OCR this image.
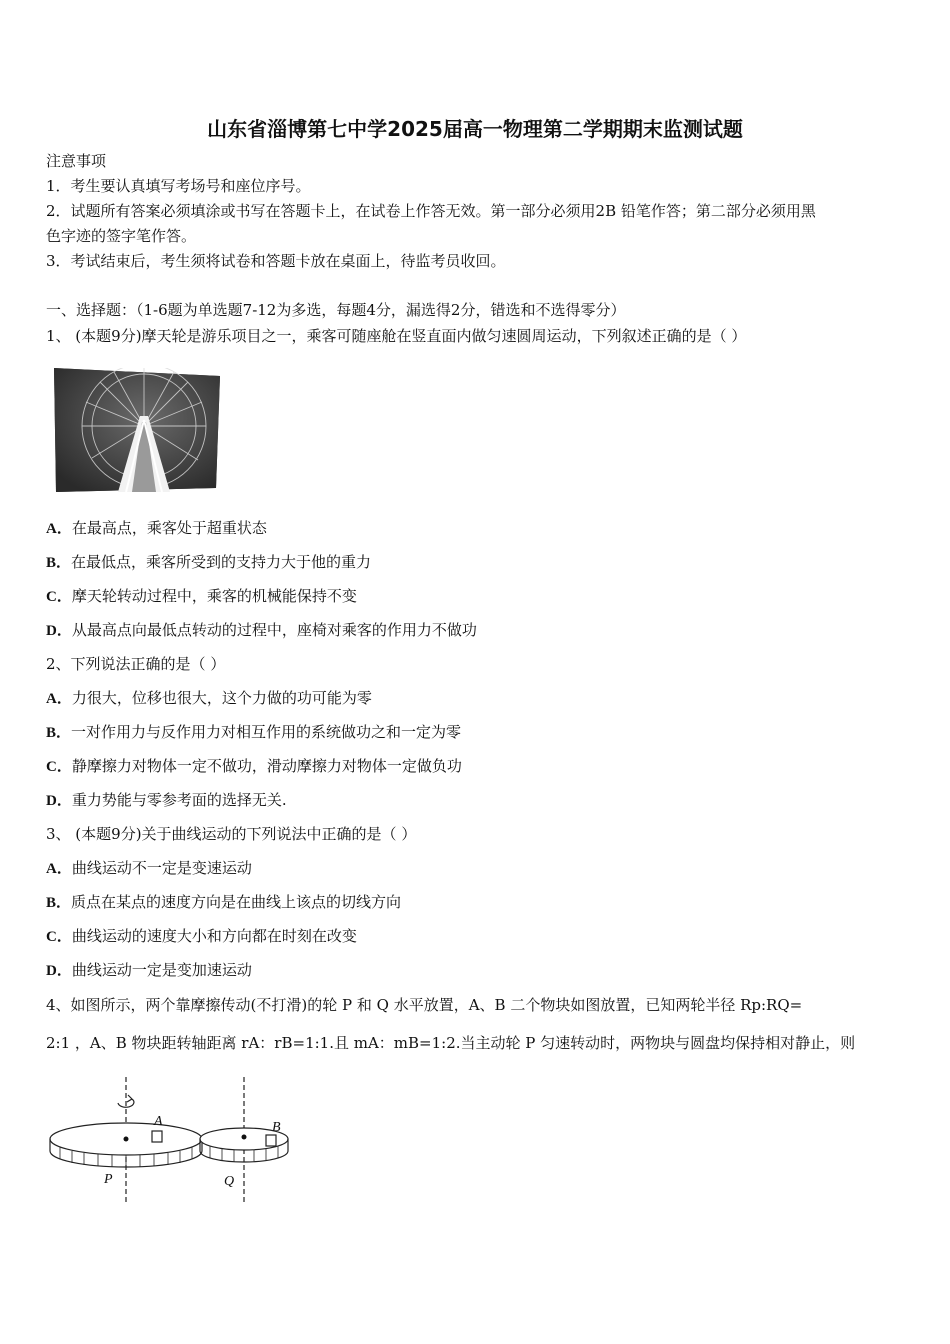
山东省淄博第七中学2025届高一物理第二学期期末监测试题
注意事项
1．考生要认真填写考场号和座位序号。
2．试题所有答案必须填涂或书写在答题卡上，在试卷上作答无效。第一部分必须用2B 铅笔作答；第二部分必须用黑
色字迹的签字笔作答。
3．考试结束后，考生须将试卷和答题卡放在桌面上，待监考员收回。
一、选择题：（1-6题为单选题7-12为多选，每题4分，漏选得2分，错选和不选得零分）
1、 (本题9分)摩天轮是游乐项目之一，乘客可随座舱在竖直面内做匀速圆周运动，下列叙述正确的是（ ）
A．在最高点，乘客处于超重状态
B．在最低点，乘客所受到的支持力大于他的重力
C．摩天轮转动过程中，乘客的机械能保持不变
D．从最高点向最低点转动的过程中，座椅对乘客的作用力不做功
2、下列说法正确的是（ ）
A．力很大，位移也很大，这个力做的功可能为零
B．一对作用力与反作用力对相互作用的系统做功之和一定为零
C．静摩擦力对物体一定不做功，滑动摩擦力对物体一定做负功
D．重力势能与零参考面的选择无关.
3、 (本题9分)关于曲线运动的下列说法中正确的是（ ）
A．曲线运动不一定是变速运动
B．质点在某点的速度方向是在曲线上该点的切线方向
C．曲线运动的速度大小和方向都在时刻在改变
D．曲线运动一定是变加速运动
4、如图所示，两个靠摩擦传动(不打滑)的轮 P 和 Q 水平放置，A、B 二个物块如图放置，已知两轮半径 Rp:RQ=
2:1 ，A、B 物块距转轴距离 rA：rB=1:1.且 mA：mB=1:2.当主动轮 P 匀速转动时，两物块与圆盘均保持相对静止，则
A	B
P	Q
